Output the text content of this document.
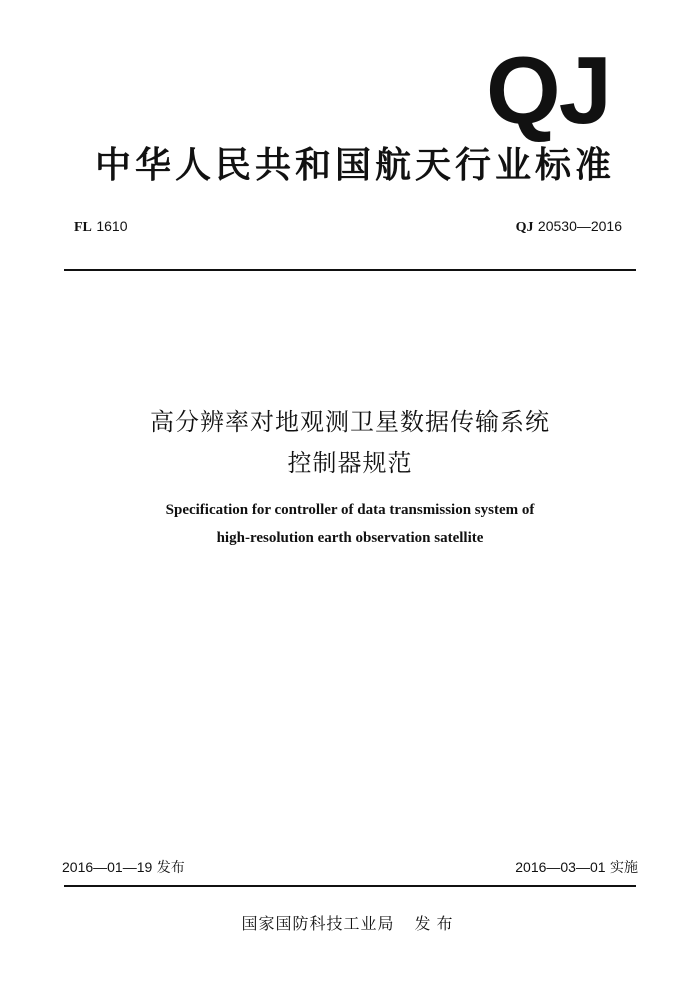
QJ
中华人民共和国航天行业标准
FL 1610	QJ 20530—2016
高分辨率对地观测卫星数据传输系统
控制器规范
Specification for controller of data transmission system of
high-resolution earth observation satellite
2016—01—19 发布	2016—03—01 实施
国家国防科技工业局 发布
